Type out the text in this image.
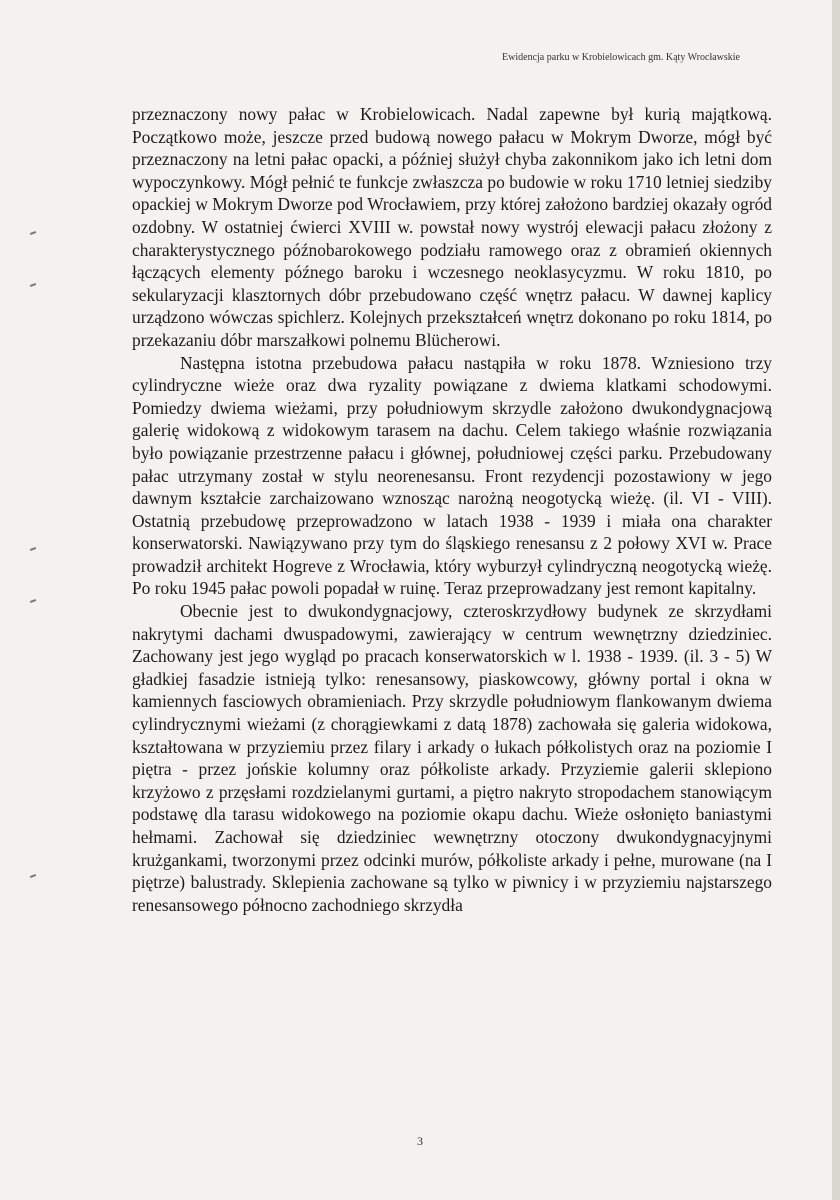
Ewidencja parku w Krobielowicach gm. Kąty Wrocławskie

przeznaczony nowy pałac w Krobielowicach. Nadal zapewne był kurią majątkową. Początkowo może, jeszcze przed budową nowego pałacu w Mokrym Dworze, mógł być przeznaczony na letni pałac opacki, a później służył chyba zakonnikom jako ich letni dom wypoczynkowy. Mógł pełnić te funkcje zwłaszcza po budowie w roku 1710 letniej siedziby opackiej w Mokrym Dworze pod Wrocławiem, przy której założono bardziej okazały ogród ozdobny. W ostatniej ćwierci XVIII w. powstał nowy wystrój elewacji pałacu złożony z charakterystycznego późnobarokowego podziału ramowego oraz z obramień okiennych łączących elementy późnego baroku i wczesnego neoklasycyzmu. W roku 1810, po sekularyzacji klasztornych dóbr przebudowano część wnętrz pałacu. W dawnej kaplicy urządzono wówczas spichlerz. Kolejnych przekształceń wnętrz dokonano po roku 1814, po przekazaniu dóbr marszałkowi polnemu Blücherowi.

Następna istotna przebudowa pałacu nastąpiła w roku 1878. Wzniesiono trzy cylindryczne wieże oraz dwa ryzality powiązane z dwiema klatkami schodowymi. Pomiedzy dwiema wieżami, przy południowym skrzydle założono dwukondygnacjową galerię widokową z widokowym tarasem na dachu. Celem takiego właśnie rozwiązania było powiązanie przestrzenne pałacu i głównej, południowej części parku. Przebudowany pałac utrzymany został w stylu neorenesansu. Front rezydencji pozostawiony w jego dawnym kształcie zarchaizowano wznosząc narożną neogotycką wieżę. (il. VI - VIII). Ostatnią przebudowę przeprowadzono w latach 1938 - 1939 i miała ona charakter konserwatorski. Nawiązywano przy tym do śląskiego renesansu z 2 połowy XVI w. Prace prowadził architekt Hogreve z Wrocławia, który wyburzył cylindryczną neogotycką wieżę. Po roku 1945 pałac powoli popadał w ruinę. Teraz przeprowadzany jest remont kapitalny.

Obecnie jest to dwukondygnacjowy, czteroskrzydłowy budynek ze skrzydłami nakrytymi dachami dwuspadowymi, zawierający w centrum wewnętrzny dziedziniec. Zachowany jest jego wygląd po pracach konserwatorskich w l. 1938 - 1939. (il. 3 - 5) W gładkiej fasadzie istnieją tylko: renesansowy, piaskowcowy, główny portal i okna w kamiennych fasciowych obramieniach. Przy skrzydle południowym flankowanym dwiema cylindrycznymi wieżami (z chorągiewkami z datą 1878) zachowała się galeria widokowa, kształtowana w przyziemiu przez filary i arkady o łukach półkolistych oraz na poziomie I piętra - przez jońskie kolumny oraz półkoliste arkady. Przyziemie galerii sklepiono krzyżowo z przęsłami rozdzielanymi gurtami, a piętro nakryto stropodachem stanowiącym podstawę dla tarasu widokowego na poziomie okapu dachu. Wieże osłonięto baniastymi hełmami. Zachował się dziedziniec wewnętrzny otoczony dwukondygnacyjnymi krużgankami, tworzonymi przez odcinki murów, półkoliste arkady i pełne, murowane (na I piętrze) balustrady. Sklepienia zachowane są tylko w piwnicy i w przyziemiu najstarszego renesansowego północno zachodniego skrzydła

3
